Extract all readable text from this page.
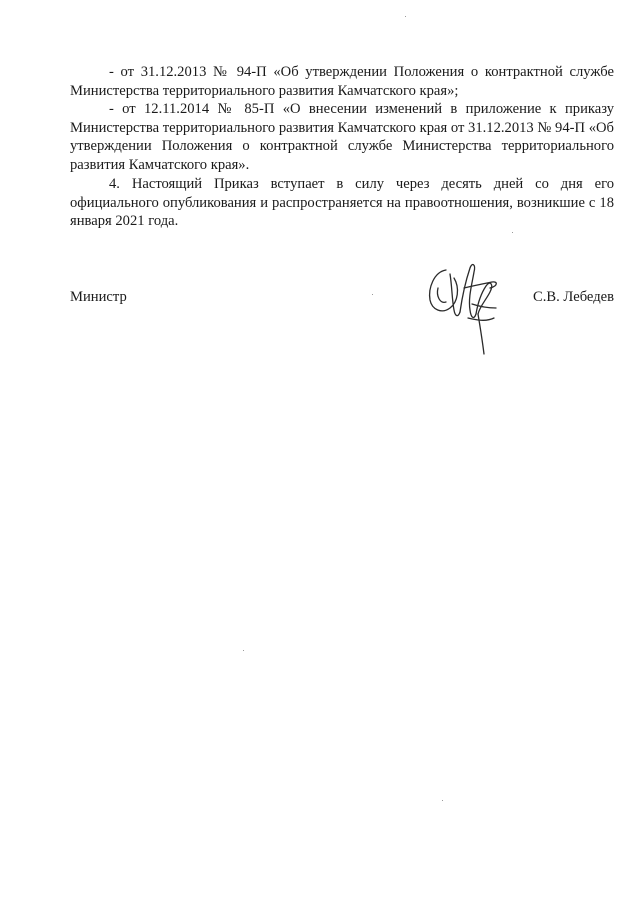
- от 31.12.2013 № 94-П «Об утверждении Положения о контрактной службе Министерства территориального развития Камчатского края»;

- от 12.11.2014 № 85-П «О внесении изменений в приложение к приказу Министерства территориального развития Камчатского края от 31.12.2013 № 94-П «Об утверждении Положения о контрактной службе Министерства территориального развития Камчатского края».

4. Настоящий Приказ вступает в силу через десять дней со дня его официального опубликования и распространяется на правоотношения, возникшие с 18 января 2021 года.

Министр	С.В. Лебедев
